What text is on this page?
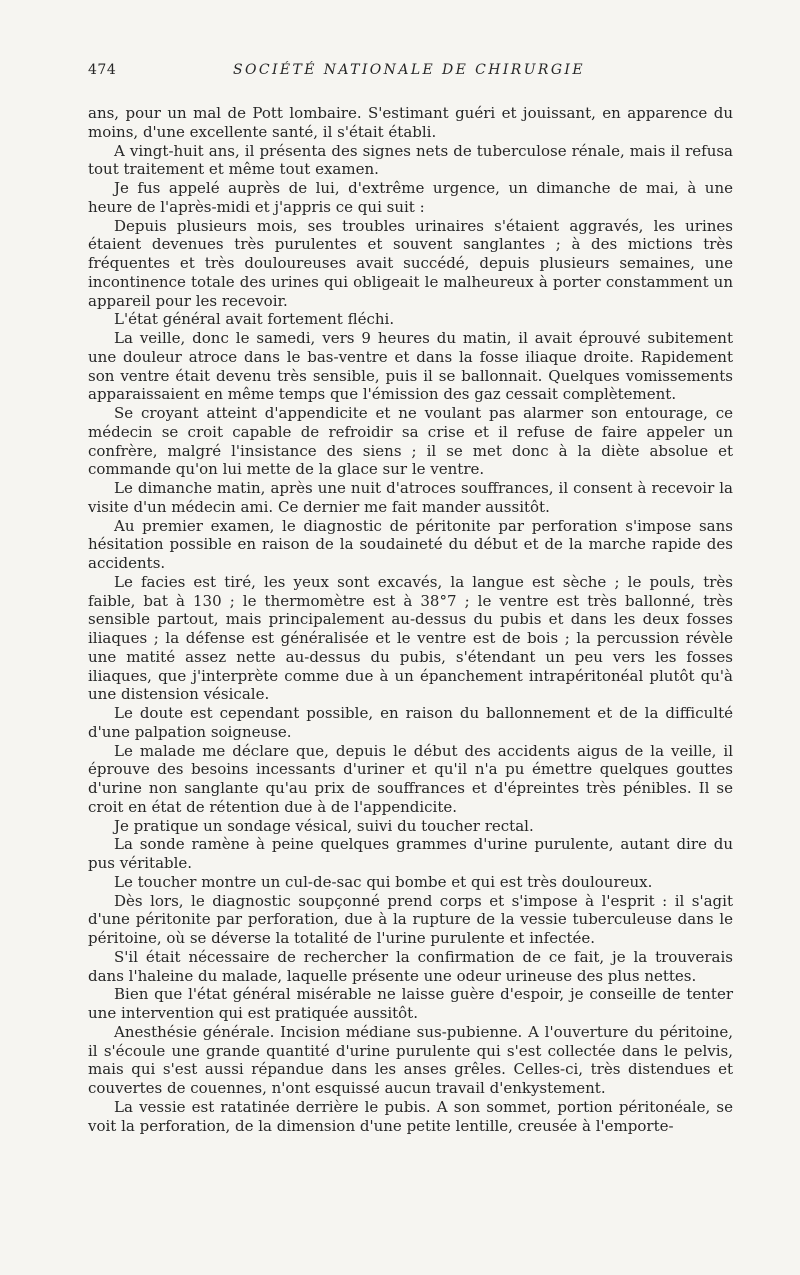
474	SOCIÉTÉ NATIONALE DE CHIRURGIE

ans, pour un mal de Pott lombaire. S'estimant guéri et jouissant, en apparence du moins, d'une excellente santé, il s'était établi.

A vingt-huit ans, il présenta des signes nets de tuberculose rénale, mais il refusa tout traitement et même tout examen.

Je fus appelé auprès de lui, d'extrême urgence, un dimanche de mai, à une heure de l'après-midi et j'appris ce qui suit :

Depuis plusieurs mois, ses troubles urinaires s'étaient aggravés, les urines étaient devenues très purulentes et souvent sanglantes ; à des mictions très fréquentes et très douloureuses avait succédé, depuis plusieurs semaines, une incontinence totale des urines qui obligeait le malheureux à porter constamment un appareil pour les recevoir.

L'état général avait fortement fléchi.

La veille, donc le samedi, vers 9 heures du matin, il avait éprouvé subitement une douleur atroce dans le bas-ventre et dans la fosse iliaque droite. Rapidement son ventre était devenu très sensible, puis il se ballonnait. Quelques vomissements apparaissaient en même temps que l'émission des gaz cessait complètement.

Se croyant atteint d'appendicite et ne voulant pas alarmer son entourage, ce médecin se croit capable de refroidir sa crise et il refuse de faire appeler un confrère, malgré l'insistance des siens ; il se met donc à la diète absolue et commande qu'on lui mette de la glace sur le ventre.

Le dimanche matin, après une nuit d'atroces souffrances, il consent à recevoir la visite d'un médecin ami. Ce dernier me fait mander aussitôt.

Au premier examen, le diagnostic de péritonite par perforation s'impose sans hésitation possible en raison de la soudaineté du début et de la marche rapide des accidents.

Le facies est tiré, les yeux sont excavés, la langue est sèche ; le pouls, très faible, bat à 130 ; le thermomètre est à 38°7 ; le ventre est très ballonné, très sensible partout, mais principalement au-dessus du pubis et dans les deux fosses iliaques ; la défense est généralisée et le ventre est de bois ; la percussion révèle une matité assez nette au-dessus du pubis, s'étendant un peu vers les fosses iliaques, que j'interprète comme due à un épanchement intrapéritonéal plutôt qu'à une distension vésicale.

Le doute est cependant possible, en raison du ballonnement et de la difficulté d'une palpation soigneuse.

Le malade me déclare que, depuis le début des accidents aigus de la veille, il éprouve des besoins incessants d'uriner et qu'il n'a pu émettre quelques gouttes d'urine non sanglante qu'au prix de souffrances et d'épreintes très pénibles. Il se croit en état de rétention due à de l'appendicite.

Je pratique un sondage vésical, suivi du toucher rectal.

La sonde ramène à peine quelques grammes d'urine purulente, autant dire du pus véritable.

Le toucher montre un cul-de-sac qui bombe et qui est très douloureux.

Dès lors, le diagnostic soupçonné prend corps et s'impose à l'esprit : il s'agit d'une péritonite par perforation, due à la rupture de la vessie tuberculeuse dans le péritoine, où se déverse la totalité de l'urine purulente et infectée.

S'il était nécessaire de rechercher la confirmation de ce fait, je la trouverais dans l'haleine du malade, laquelle présente une odeur urineuse des plus nettes.

Bien que l'état général misérable ne laisse guère d'espoir, je conseille de tenter une intervention qui est pratiquée aussitôt.

Anesthésie générale. Incision médiane sus-pubienne. A l'ouverture du péritoine, il s'écoule une grande quantité d'urine purulente qui s'est collectée dans le pelvis, mais qui s'est aussi répandue dans les anses grêles. Celles-ci, très distendues et couvertes de couennes, n'ont esquissé aucun travail d'enkystement.

La vessie est ratatinée derrière le pubis. A son sommet, portion péritonéale, se voit la perforation, de la dimension d'une petite lentille, creusée à l'emporte-
